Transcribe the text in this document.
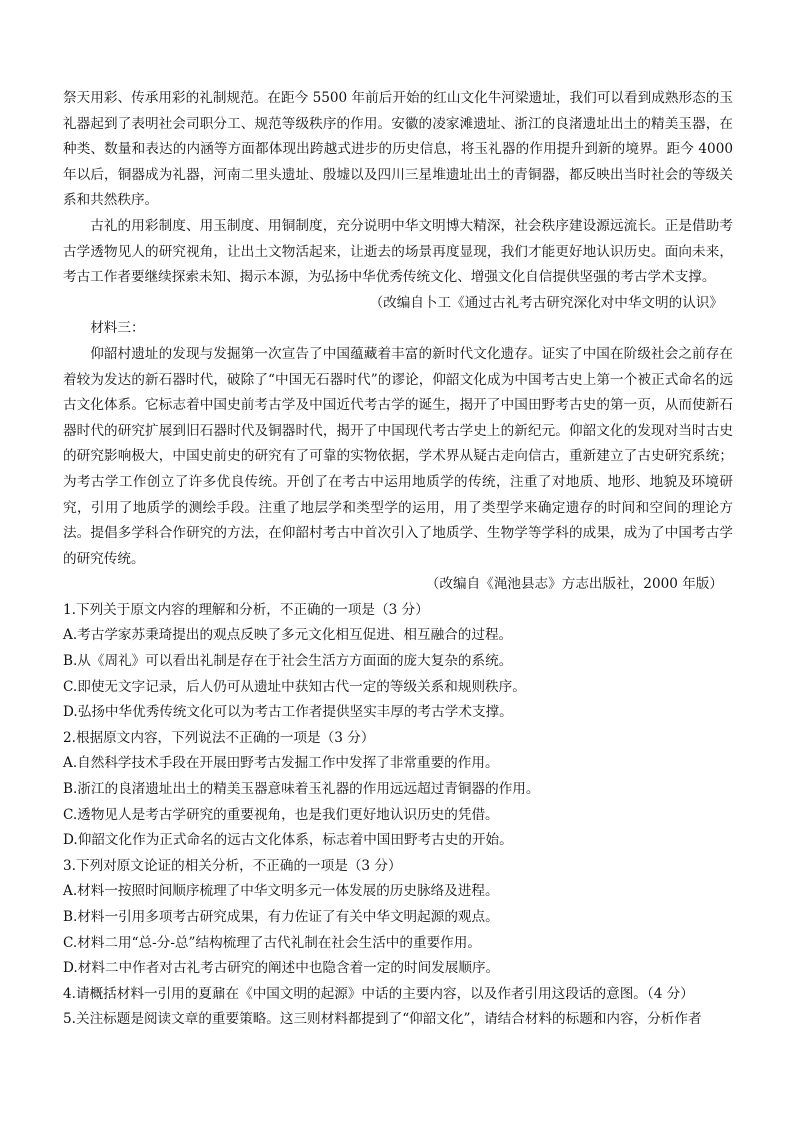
祭天用彩、传承用彩的礼制规范。在距今 5500 年前后开始的红山文化牛河梁遗址，我们可以看到成熟形态的玉礼器起到了表明社会司职分工、规范等级秩序的作用。安徽的凌家滩遗址、浙江的良渚遗址出土的精美玉器，在种类、数量和表达的内涵等方面都体现出跨越式进步的历史信息，将玉礼器的作用提升到新的境界。距今 4000 年以后，铜器成为礼器，河南二里头遗址、殷墟以及四川三星堆遗址出土的青铜器，都反映出当时社会的等级关系和共然秩序。

古礼的用彩制度、用玉制度、用铜制度，充分说明中华文明博大精深，社会秩序建设源远流长。正是借助考古学透物见人的研究视角，让出土文物活起来，让逝去的场景再度显现，我们才能更好地认识历史。面向未来，考古工作者要继续探索未知、揭示本源，为弘扬中华优秀传统文化、增强文化自信提供坚强的考古学术支撑。

（改编自卜工《通过古礼考古研究深化对中华文明的认识》

材料三：

仰韶村遗址的发现与发掘第一次宣告了中国蕴藏着丰富的新时代文化遗存。证实了中国在阶级社会之前存在着较为发达的新石器时代，破除了“中国无石器时代”的谬论，仰韶文化成为中国考古史上第一个被正式命名的远古文化体系。它标志着中国史前考古学及中国近代考古学的诞生，揭开了中国田野考古史的第一页，从而使新石器时代的研究扩展到旧石器时代及铜器时代，揭开了中国现代考古学史上的新纪元。仰韶文化的发现对当时古史的研究影响极大，中国史前史的研究有了可靠的实物依据，学术界从疑古走向信古，重新建立了古史研究系统；为考古学工作创立了许多优良传统。开创了在考古中运用地质学的传统，注重了对地质、地形、地貌及环境研究，引用了地质学的测绘手段。注重了地层学和类型学的运用，用了类型学来确定遗存的时间和空间的理论方法。提倡多学科合作研究的方法，在仰韶村考古中首次引入了地质学、生物学等学科的成果，成为了中国考古学的研究传统。

（改编自《渑池县志》方志出版社，2000 年版）

1.下列关于原文内容的理解和分析，不正确的一项是（3 分）

A.考古学家苏秉琦提出的观点反映了多元文化相互促进、相互融合的过程。

B.从《周礼》可以看出礼制是存在于社会生活方方面面的庞大复杂的系统。

C.即使无文字记录，后人仍可从遗址中获知古代一定的等级关系和规则秩序。

D.弘扬中华优秀传统文化可以为考古工作者提供坚实丰厚的考古学术支撑。

2.根据原文内容，下列说法不正确的一项是（3 分）

A.自然科学技术手段在开展田野考古发掘工作中发挥了非常重要的作用。

B.浙江的良渚遗址出土的精美玉器意味着玉礼器的作用远远超过青铜器的作用。

C.透物见人是考古学研究的重要视角，也是我们更好地认识历史的凭借。

D.仰韶文化作为正式命名的远古文化体系，标志着中国田野考古史的开始。

3.下列对原文论证的相关分析，不正确的一项是（3 分）

A.材料一按照时间顺序梳理了中华文明多元一体发展的历史脉络及进程。

B.材料一引用多项考古研究成果，有力佐证了有关中华文明起源的观点。

C.材料二用“总-分-总”结构梳理了古代礼制在社会生活中的重要作用。

D.材料二中作者对古礼考古研究的阐述中也隐含着一定的时间发展顺序。

4.请概括材料一引用的夏鼐在《中国文明的起源》中话的主要内容，以及作者引用这段话的意图。（4 分）

5.关注标题是阅读文章的重要策略。这三则材料都提到了“仰韶文化”，请结合材料的标题和内容，分析作者
